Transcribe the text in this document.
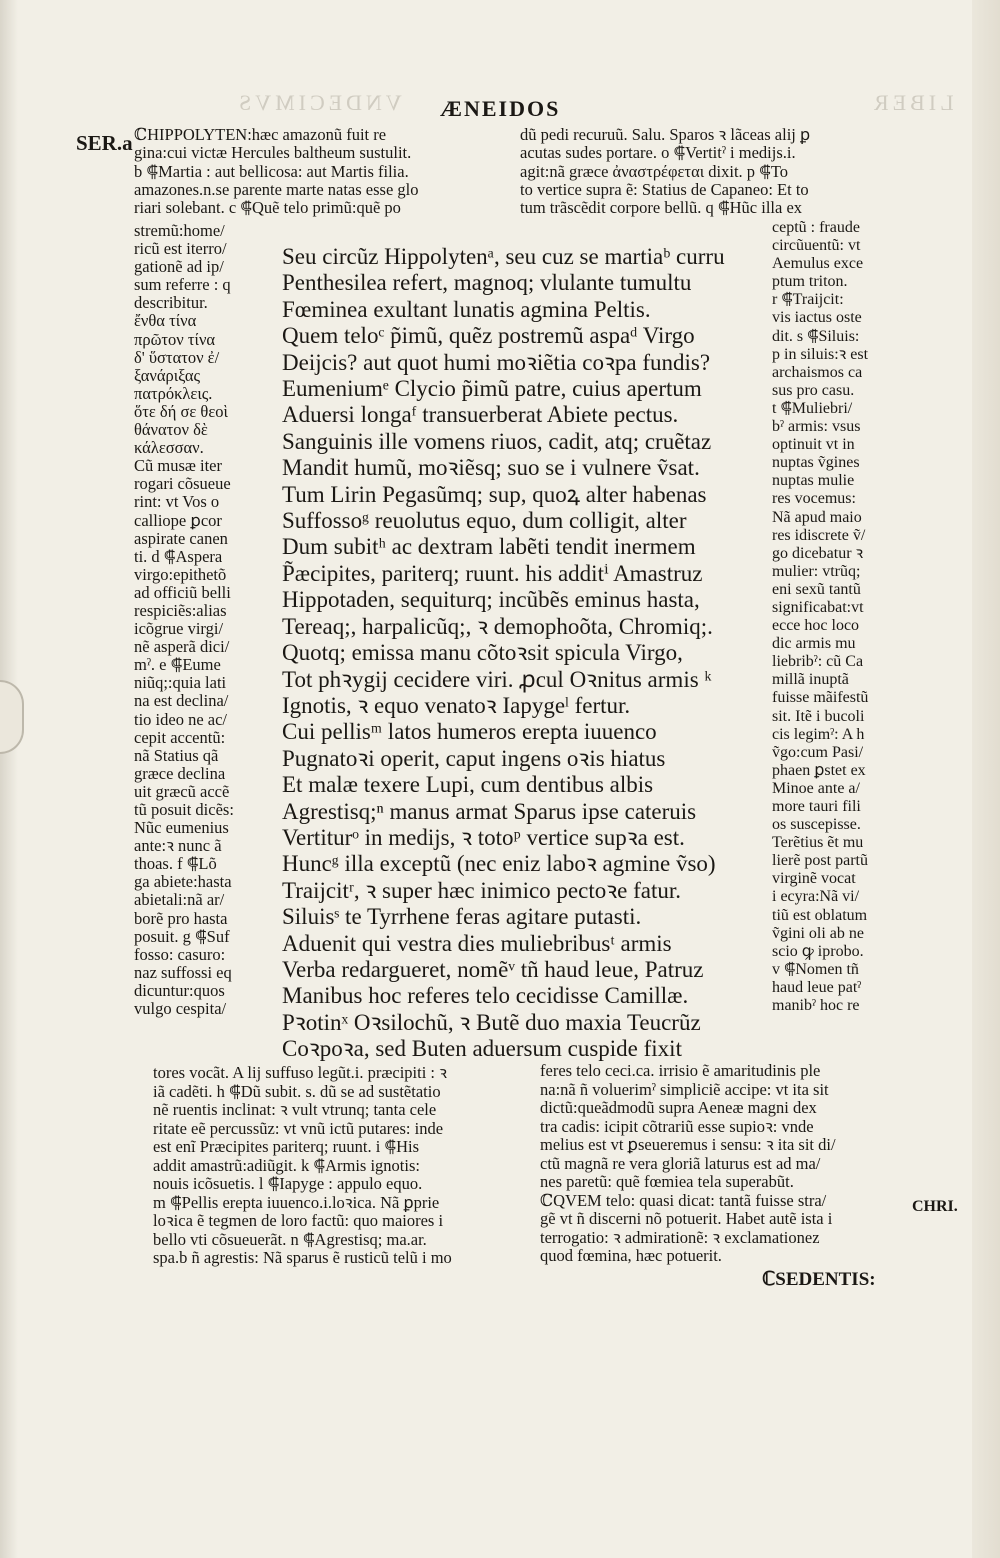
VNDECIMVS	LIBER
ÆNEIDOS
SER.a ℂHIPPOLYTEN:hæc amazonũ fuit re
gina:cui victæ Hercules baltheum sustulit.
b ⸿Martia : aut bellicosa: aut Martis filia.
amazones.n.se parente marte natas esse glo
riari solebant. c ⸿Quẽ telo primũ:quẽ po
dũ pedi recuruũ. Salu. Sparos ꝛ lãceas alij ꝑ
acutas sudes portare. o ⸿Vertitˀ i medijs.i.
agit:nã græce ἀναστρέφεται dixit. p ⸿To
to vertice supra ẽ: Statius de Capaneo: Et to
tum trãscẽdit corpore bellũ. q ⸿Hũc illa ex
stremũ:home/
ricũ est iterro/
gationẽ ad ip/
sum referre : q
describitur.
ἔνθα τίνα
πρῶτον τίνα
δ' ὕστατον ἐ/
ξανάριξας
πατρόκλεις.
ὅτε δή σε θεοὶ
θάνατον δὲ
κάλεσσαν.
Cũ musæ iter
rogari cõsueue
rint: vt Vos o
calliope ꝑcor
aspirate canen
ti. d ⸿Aspera
virgo:epithetõ
ad officiũ belli
respiciẽs:alias
icõgrue virgi/
nẽ asperã dici/
mˀ. e ⸿Eume
niũq;:quia lati
na est declina/
tio ideo ne ac/
cepit accentũ:
nã Statius qã
græce declina
uit græcũ accẽ
tũ posuit dicẽs:
Nũc eumenius
ante:ꝛ nunc ã
thoas. f ⸿Lõ
ga abiete:hasta
abietali:nã ar/
borẽ pro hasta
posuit. g ⸿Suf
fosso: casuro:
naz suffossi eq
dicuntur:quos
vulgo cespita/
Seu circũz Hippolytenᵃ, seu cuz se martiaᵇ curru
Penthesilea refert, magnoq; vlulante tumultu
Fœminea exultant lunatis agmina Peltis.
Quem teloᶜ p̃imũ, quẽz postremũ aspaᵈ Virgo
Deijcis? aut quot humi moꝛiẽtia coꝛpa fundis?
Eumeniumᵉ Clycio p̃imũ patre, cuius apertum
Aduersi longaᶠ transuerberat Abiete pectus.
Sanguinis ille vomens riuos, cadit, atq; cruẽtaz
Mandit humũ, moꝛiẽsq; suo se i vulnere ṽsat.
Tum Lirin Pegasũmq; sup, quoꝝ alter habenas
Suffossoᵍ reuolutus equo, dum colligit, alter
Dum subitʰ ac dextram labẽti tendit inermem
P̃æcipites, pariterq; ruunt. his additⁱ Amastruz
Hippotaden, sequiturq; incũbẽs eminus hasta,
Tereaq;, harpalicũq;, ꝛ demophoõta, Chromiq;.
Quotq; emissa manu cõtoꝛsit spicula Virgo,
Tot phꝛygij cecidere viri. ꝓcul Oꝛnitus armis ᵏ
Ignotis, ꝛ equo venatoꝛ Iapygeˡ fertur.
Cui pellisᵐ latos humeros erepta iuuenco
Pugnatoꝛi operit, caput ingens oꝛis hiatus
Et malæ texere Lupi, cum dentibus albis
Agrestisq;ⁿ manus armat Sparus ipse cateruis
Vertiturᵒ in medijs, ꝛ totoᵖ vertice supꝛa est.
Huncᵍ illa exceptũ (nec eniz laboꝛ agmine ṽso)
Traijcitʳ, ꝛ super hæc inimico pectoꝛe fatur.
Siluisˢ te Tyrrhene feras agitare putasti.
Aduenit qui vestra dies muliebribusᵗ armis
Verba redargueret, nomẽᵛ tñ haud leue, Patruz
Manibus hoc referes telo cecidisse Camillæ.
Pꝛotinˣ Oꝛsilochũ, ꝛ Butẽ duo maxia Teucrũz
Coꝛpoꝛa, sed Buten aduersum cuspide fixit
ceptũ : fraude
circũuentũ: vt
Aemulus exce
ptum triton.
r ⸿Traijcit:
vis iactus oste
dit. s ⸿Siluis:
p in siluis:ꝛ est
archaismos ca
sus pro casu.
t ⸿Muliebri/
bˀ armis: vsus
optinuit vt in
nuptas ṽgines
nuptas mulie
res vocemus:
Nã apud maio
res idiscrete ṽ/
go dicebatur ꝛ
mulier: vtrũq;
eni sexũ tantũ
significabat:vt
ecce hoc loco
dic armis mu
liebribˀ: cũ Ca
millã inuptã
fuisse mãifestũ
sit. Itẽ i bucoli
cis legimˀ: A h
ṽgo:cum Pasi/
phaen ꝑstet ex
Minoe ante a/
more tauri fili
os suscepisse.
Terẽtius ẽt mu
lierẽ post partũ
virginẽ vocat
i ecyra:Nã vi/
tiũ est oblatum
ṽgini oli ab ne
scio ꝙ iprobo.
v ⸿Nomen tñ
haud leue patˀ
manibˀ hoc re
tores vocãt. A lij suffuso legũt.i. præcipiti : ꝛ
iã cadẽti. h ⸿Dũ subit. s. dũ se ad sustẽtatio
nẽ ruentis inclinat: ꝛ vult vtrunq; tanta cele
ritate eẽ percussũz: vt vnũ ictũ putares: inde
est enĩ Præcipites pariterq; ruunt. i ⸿His
addit amastrũ:adiũgit. k ⸿Armis ignotis:
nouis icõsuetis. l ⸿Iapyge : appulo equo.
m ⸿Pellis erepta iuuenco.i.loꝛica. Nã ꝑprie
loꝛica ẽ tegmen de loro factũ: quo maiores i
bello vti cõsueuerãt. n ⸿Agrestisq; ma.ar.
spa.b ñ agrestis: Nã sparus ẽ rusticũ telũ i mo
feres telo ceci.ca. irrisio ẽ amaritudinis ple
na:nã ñ voluerimˀ simpliciẽ accipe: vt ita sit
dictũ:queãdmodũ supra Aeneæ magni dex
tra cadis: icipit cõtrariũ esse supioꝛ: vnde
melius est vt ꝑseueremus i sensu: ꝛ ita sit di/
ctũ magnã re vera gloriã laturus est ad ma/
nes paretũ: quẽ fœmiea tela superabũt.
ℂQVEM telo: quasi dicat: tantã fuisse stra/
gẽ vt ñ discerni nõ potuerit. Habet autẽ ista i
terrogatio: ꝛ admirationẽ: ꝛ exclamationez
quod fœmina, hæc potuerit.
CHRI.
ℂSEDENTIS:
